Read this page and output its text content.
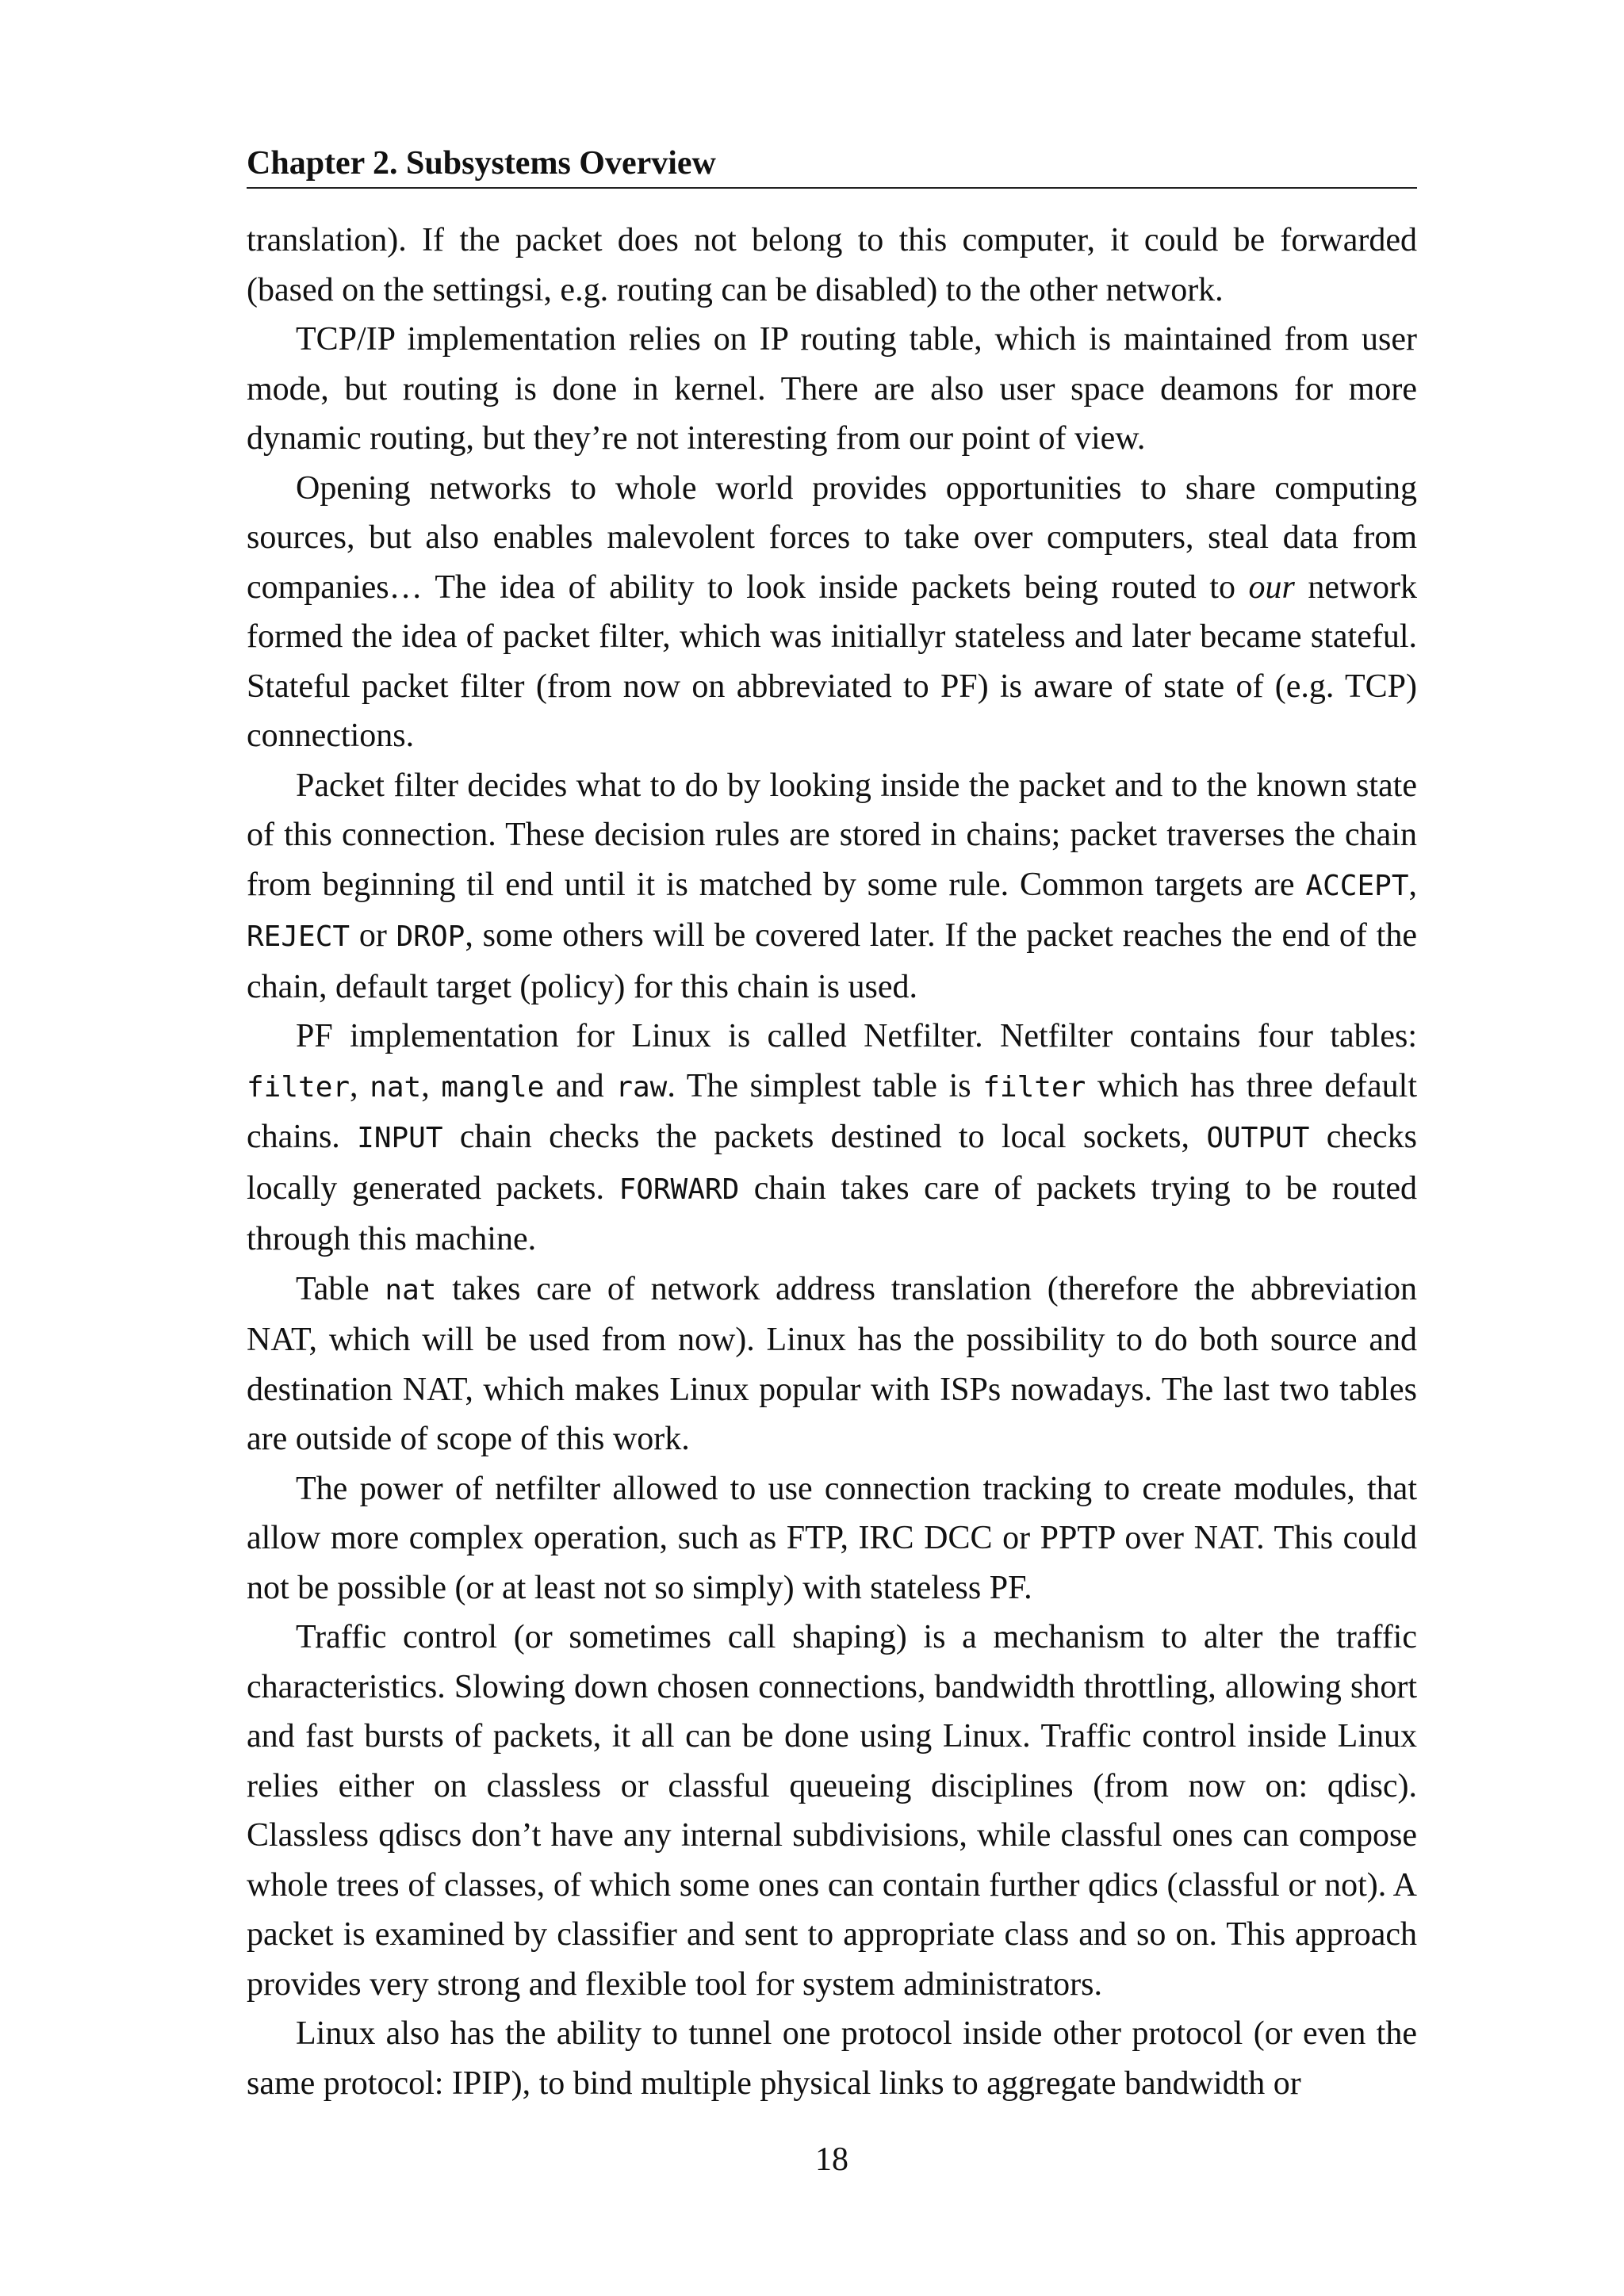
Chapter 2. Subsystems Overview

translation). If the packet does not belong to this computer, it could be forwarded (based on the settingsi, e.g. routing can be disabled) to the other network.

TCP/IP implementation relies on IP routing table, which is maintained from user mode, but routing is done in kernel. There are also user space deamons for more dynamic routing, but they’re not interesting from our point of view.

Opening networks to whole world provides opportunities to share computing sources, but also enables malevolent forces to take over computers, steal data from companies… The idea of ability to look inside packets being routed to our network formed the idea of packet filter, which was initiallyr stateless and later became stateful. Stateful packet filter (from now on abbreviated to PF) is aware of state of (e.g. TCP) connections.

Packet filter decides what to do by looking inside the packet and to the known state of this connection. These decision rules are stored in chains; packet traverses the chain from beginning til end until it is matched by some rule. Common targets are ACCEPT, REJECT or DROP, some others will be covered later. If the packet reaches the end of the chain, default target (policy) for this chain is used.

PF implementation for Linux is called Netfilter. Netfilter contains four tables: filter, nat, mangle and raw. The simplest table is filter which has three default chains. INPUT chain checks the packets destined to local sockets, OUTPUT checks locally generated packets. FORWARD chain takes care of packets trying to be routed through this machine.

Table nat takes care of network address translation (therefore the abbreviation NAT, which will be used from now). Linux has the possibility to do both source and destination NAT, which makes Linux popular with ISPs nowadays. The last two tables are outside of scope of this work.

The power of netfilter allowed to use connection tracking to create modules, that allow more complex operation, such as FTP, IRC DCC or PPTP over NAT. This could not be possible (or at least not so simply) with stateless PF.

Traffic control (or sometimes call shaping) is a mechanism to alter the traffic characteristics. Slowing down chosen connections, bandwidth throttling, allowing short and fast bursts of packets, it all can be done using Linux. Traffic control inside Linux relies either on classless or classful queueing disciplines (from now on: qdisc). Classless qdiscs don’t have any internal subdivisions, while classful ones can compose whole trees of classes, of which some ones can contain further qdics (classful or not). A packet is examined by classifier and sent to appropriate class and so on. This approach provides very strong and flexible tool for system administrators.

Linux also has the ability to tunnel one protocol inside other protocol (or even the same protocol: IPIP), to bind multiple physical links to aggregate bandwidth or

18
